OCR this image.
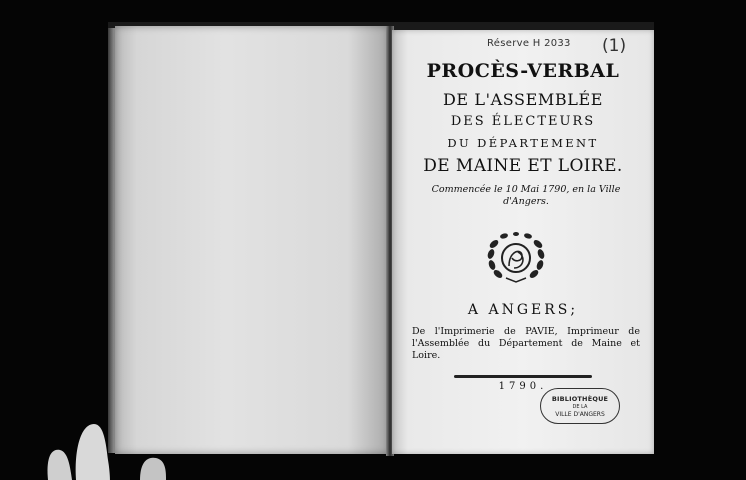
Réserve H 2033 (1)
PROCÈS-VERBAL
DE L'ASSEMBLÉE
DES ÉLECTEURS
DU DÉPARTEMENT
DE MAINE ET LOIRE.
Commencée le 10 Mai 1790, en la Ville d'Angers.
A ANGERS;
De l'Imprimerie de PAVIE, Imprimeur de l'Assemblée du Département de Maine et Loire.
1790.
BIBLIOTHÈQUE
DE LA
VILLE D'ANGERS
